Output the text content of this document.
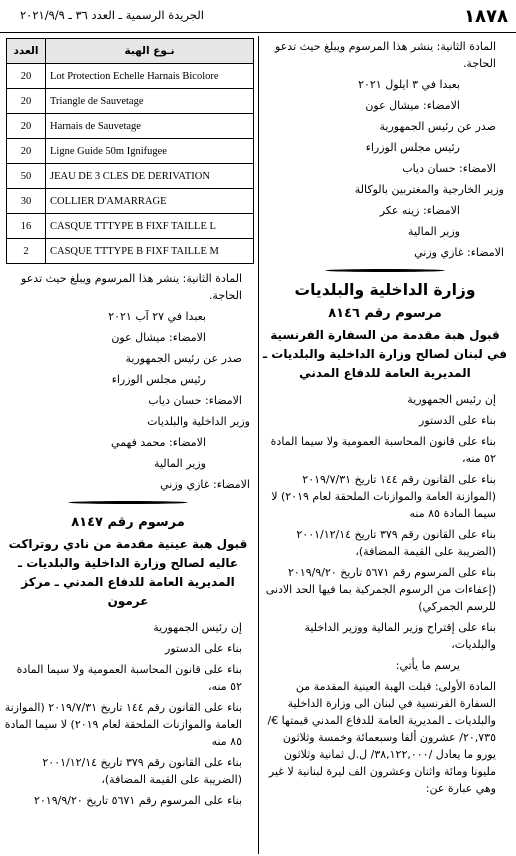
١٨٧٨
الجريدة الرسمية ـ العدد ٣٦ ـ ٢٠٢١/٩/٩

المادة الثانية: ينشر هذا المرسوم ويبلغ حيث تدعو الحاجة.

بعبدا في ٣ ايلول ٢٠٢١

الامضاء: ميشال عون

صدر عن رئيس الجمهورية

رئيس مجلس الوزراء

الامضاء: حسان دياب

وزير الخارجية والمغتربين بالوكالة

الامضاء: زينه عكر

وزير المالية

الامضاء: غازي وزني

وزارة الداخلية والبلديات
مرسوم رقم ٨١٤٦
قبول هبة مقدمة من السفارة الفرنسية في لبنان لصالح وزارة الداخلية والبلديات ـ المديرية العامة للدفاع المدني

إن رئيس الجمهورية

بناء على الدستور

بناء على قانون المحاسبة العمومية ولا سيما المادة ٥٢ منه،

بناء على القانون رقم ١٤٤ تاريخ ٢٠١٩/٧/٣١ (الموازنة العامة والموازنات الملحقة لعام ٢٠١٩) لا سيما المادة ٨٥ منه

بناء على القانون رقم ٣٧٩ تاريخ ٢٠٠١/١٢/١٤ (الضريبة على القيمة المضافة)،

بناء على المرسوم رقم ٥٦٧١ تاريخ ٢٠١٩/٩/٢٠ (إعفاءات من الرسوم الجمركية بما فيها الحد الادنى للرسم الجمركي)

بناء على إقتراح وزير المالية ووزير الداخلية والبلديات،

يرسم ما يأتي:

المادة الأولى: قبلت الهبة العينية المقدمة من السفارة الفرنسية في لبنان الى وزارة الداخلية والبلديات ـ المديرية العامة للدفاع المدني قيمتها €/٢٠,٧٣٥/ عشرون ألفا وسبعمائة وخمسة وثلاثون يورو ما يعادل /٣٨,١٢٢,٠٠٠/ ل.ل ثمانية وثلاثون مليونا ومائة واثنان وعشرون الف ليرة لبنانية لا غير وهي عبارة عن:

نـوع الهبة	العدد
Lot Protection Echelle Harnais Bicolore	20
Triangle de Sauvetage	20
Harnais de Sauvetage	20
Ligne Guide 50m Ignifugee	20
JEAU DE 3 CLES DE DERIVATION	50
COLLIER D'AMARRAGE	30
CASQUE TTTYPE B FIXF TAILLE L	16
CASQUE TTTYPE B FIXF TAILLE M	2

المادة الثانية: ينشر هذا المرسوم ويبلغ حيث تدعو الحاجة.

بعبدا في ٢٧ آب ٢٠٢١

الامضاء: ميشال عون

صدر عن رئيس الجمهورية

رئيس مجلس الوزراء

الامضاء: حسان دياب

وزير الداخلية والبلديات

الامضاء: محمد فهمي

وزير المالية

الامضاء: غازي وزني

مرسوم رقم ٨١٤٧
قبول هبة عينية مقدمة من نادي روتراكت عاليه لصالح وزارة الداخلية والبلديات ـ المديرية العامة للدفاع المدني ـ مركز عرمون

إن رئيس الجمهورية

بناء على الدستور

بناء على قانون المحاسبة العمومية ولا سيما المادة ٥٢ منه،

بناء على القانون رقم ١٤٤ تاريخ ٢٠١٩/٧/٣١ (الموازنة العامة والموازنات الملحقة لعام ٢٠١٩) لا سيما المادة ٨٥ منه

بناء على القانون رقم ٣٧٩ تاريخ ٢٠٠١/١٢/١٤ (الضريبة على القيمة المضافة)،

بناء على المرسوم رقم ٥٦٧١ تاريخ ٢٠١٩/٩/٢٠
